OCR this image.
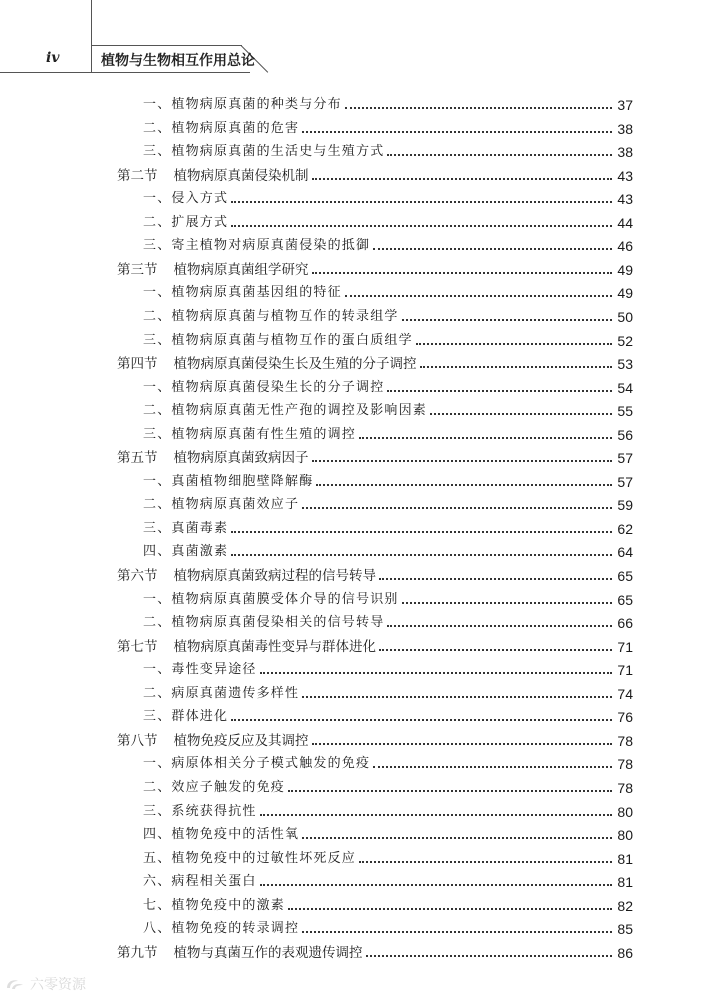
iv	植物与生物相互作用总论
一、植物病原真菌的种类与分布	37
二、植物病原真菌的危害	38
三、植物病原真菌的生活史与生殖方式	38
第二节 植物病原真菌侵染机制	43
一、侵入方式	43
二、扩展方式	44
三、寄主植物对病原真菌侵染的抵御	46
第三节 植物病原真菌组学研究	49
一、植物病原真菌基因组的特征	49
二、植物病原真菌与植物互作的转录组学	50
三、植物病原真菌与植物互作的蛋白质组学	52
第四节 植物病原真菌侵染生长及生殖的分子调控	53
一、植物病原真菌侵染生长的分子调控	54
二、植物病原真菌无性产孢的调控及影响因素	55
三、植物病原真菌有性生殖的调控	56
第五节 植物病原真菌致病因子	57
一、真菌植物细胞壁降解酶	57
二、植物病原真菌效应子	59
三、真菌毒素	62
四、真菌激素	64
第六节 植物病原真菌致病过程的信号转导	65
一、植物病原真菌膜受体介导的信号识别	65
二、植物病原真菌侵染相关的信号转导	66
第七节 植物病原真菌毒性变异与群体进化	71
一、毒性变异途径	71
二、病原真菌遗传多样性	74
三、群体进化	76
第八节 植物免疫反应及其调控	78
一、病原体相关分子模式触发的免疫	78
二、效应子触发的免疫	78
三、系统获得抗性	80
四、植物免疫中的活性氧	80
五、植物免疫中的过敏性坏死反应	81
六、病程相关蛋白	81
七、植物免疫中的激素	82
八、植物免疫的转录调控	85
第九节 植物与真菌互作的表观遗传调控	86
六零资源
